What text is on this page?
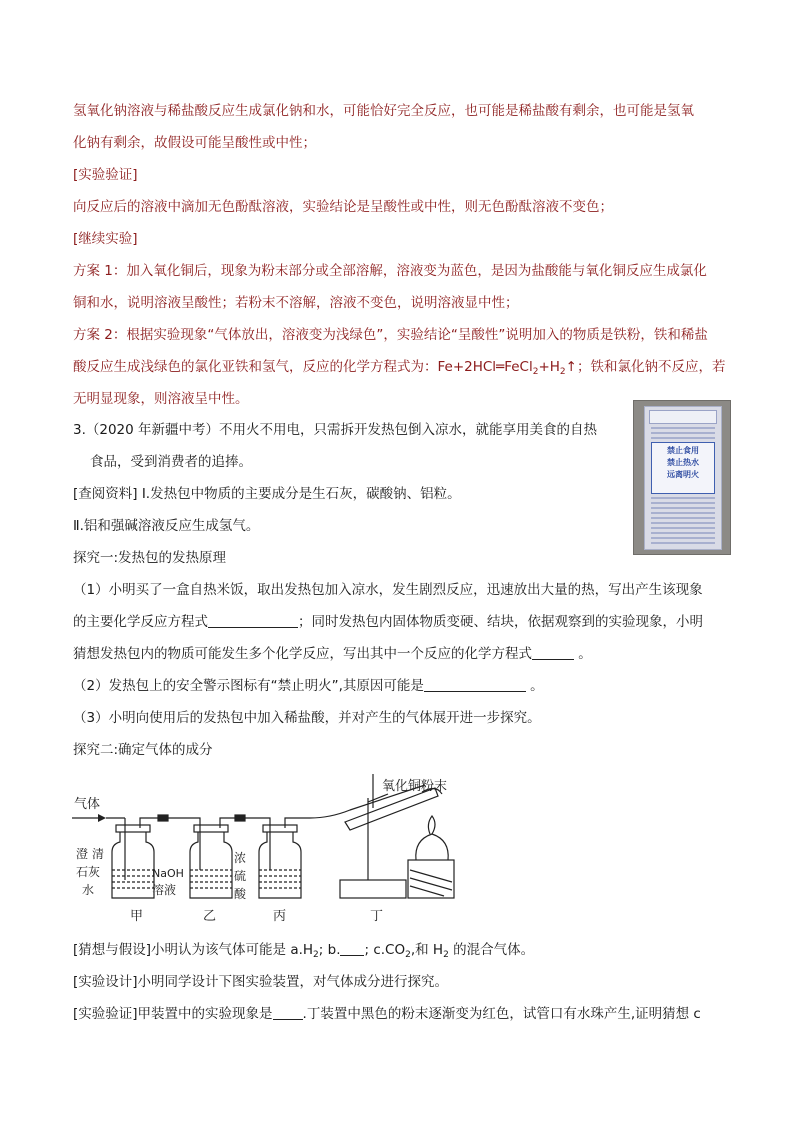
氢氧化钠溶液与稀盐酸反应生成氯化钠和水，可能恰好完全反应，也可能是稀盐酸有剩余，也可能是氢氧
化钠有剩余，故假设可能呈酸性或中性；
[实验验证]
向反应后的溶液中滴加无色酚酞溶液，实验结论是呈酸性或中性，则无色酚酞溶液不变色；
[继续实验]
方案 1：加入氧化铜后，现象为粉末部分或全部溶解，溶液变为蓝色，是因为盐酸能与氧化铜反应生成氯化
铜和水，说明溶液呈酸性；若粉末不溶解，溶液不变色，说明溶液显中性；
方案 2：根据实验现象“气体放出，溶液变为浅绿色”，实验结论“呈酸性”说明加入的物质是铁粉，铁和稀盐
酸反应生成浅绿色的氯化亚铁和氢气，反应的化学方程式为：$Fe+2HCl═FeCl_2+H_2↑$；铁和氯化钠不反应，若
无明显现象，则溶液呈中性。
3.（2020 年新疆中考）不用火不用电，只需拆开发热包倒入凉水，就能享用美食的自热
食品，受到消费者的追捧。
[查阅资料] I.发热包中物质的主要成分是生石灰，碳酸钠、铝粒。
Ⅱ.铝和强碱溶液反应生成氢气。
探究一:发热包的发热原理
（1）小明买了一盒自热米饭，取出发热包加入凉水，发生剧烈反应，迅速放出大量的热，写出产生该现象
的主要化学反应方程式	；同时发热包内固体物质变硬、结块，依据观察到的实验现象，小明
猜想发热包内的物质可能发生多个化学反应，写出其中一个反应的化学方程式	。
（2）发热包上的安全警示图标有“禁止明火”,其原因可能是	。
（3）小明向使用后的发热包中加入稀盐酸，并对产生的气体展开进一步探究。
探究二:确定气体的成分
禁止食用
禁止热水
远离明火
气体
澄 清
石灰
水
NaOH
溶液
浓
硫
酸
氧化铜粉末
甲	乙	丙	丁
[猜想与假设]小明认为该气体可能是 $a.H_2$; b. ; $c.CO_2$,和 $H_2$ 的混合气体。
[实验设计]小明同学设计下图实验装置，对气体成分进行探究。
[实验验证]甲装置中的实验现象是 .丁装置中黑色的粉末逐渐变为红色，试管口有水珠产生,证明猜想 c
